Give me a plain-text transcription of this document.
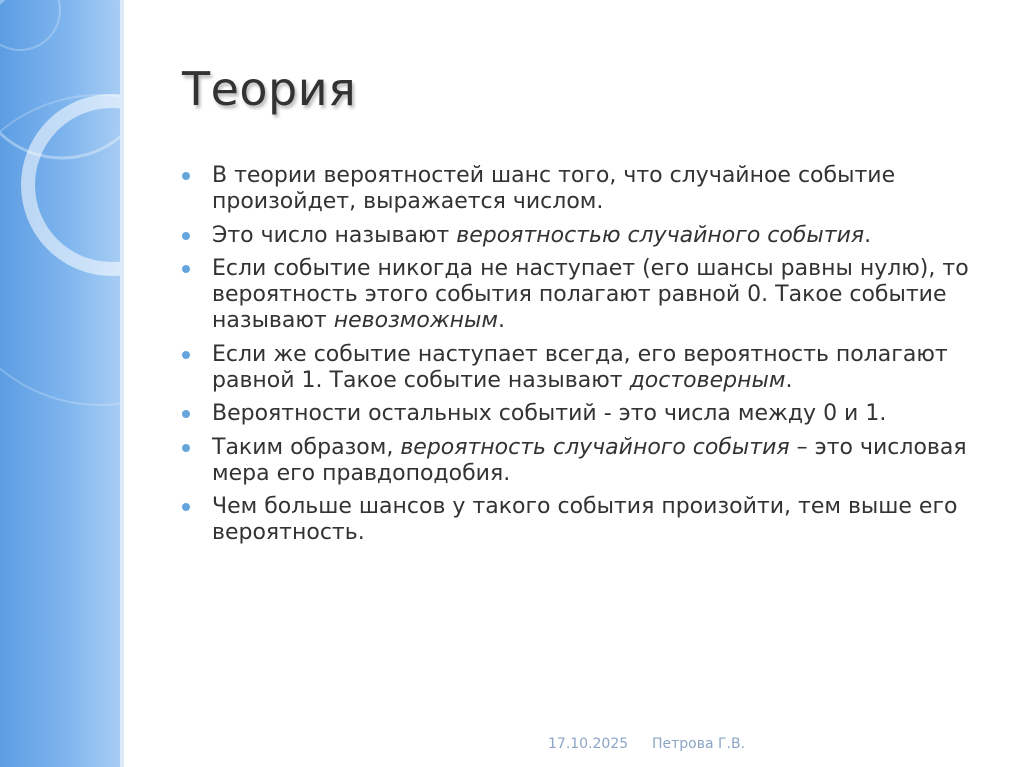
Теория
В теории вероятностей шанс того, что случайное событие произойдет, выражается числом.
Это число называют вероятностью случайного события.
Если событие никогда не наступает (его шансы равны нулю), то вероятность этого события полагают равной 0. Такое событие называют невозможным.
Если же событие наступает всегда, его вероятность полагают равной 1. Такое событие называют достоверным.
Вероятности остальных событий - это числа между 0 и 1.
Таким образом, вероятность случайного события – это числовая мера его правдоподобия.
Чем больше шансов у такого события произойти, тем выше его вероятность.
17.10.2025 Петрова Г.В.
